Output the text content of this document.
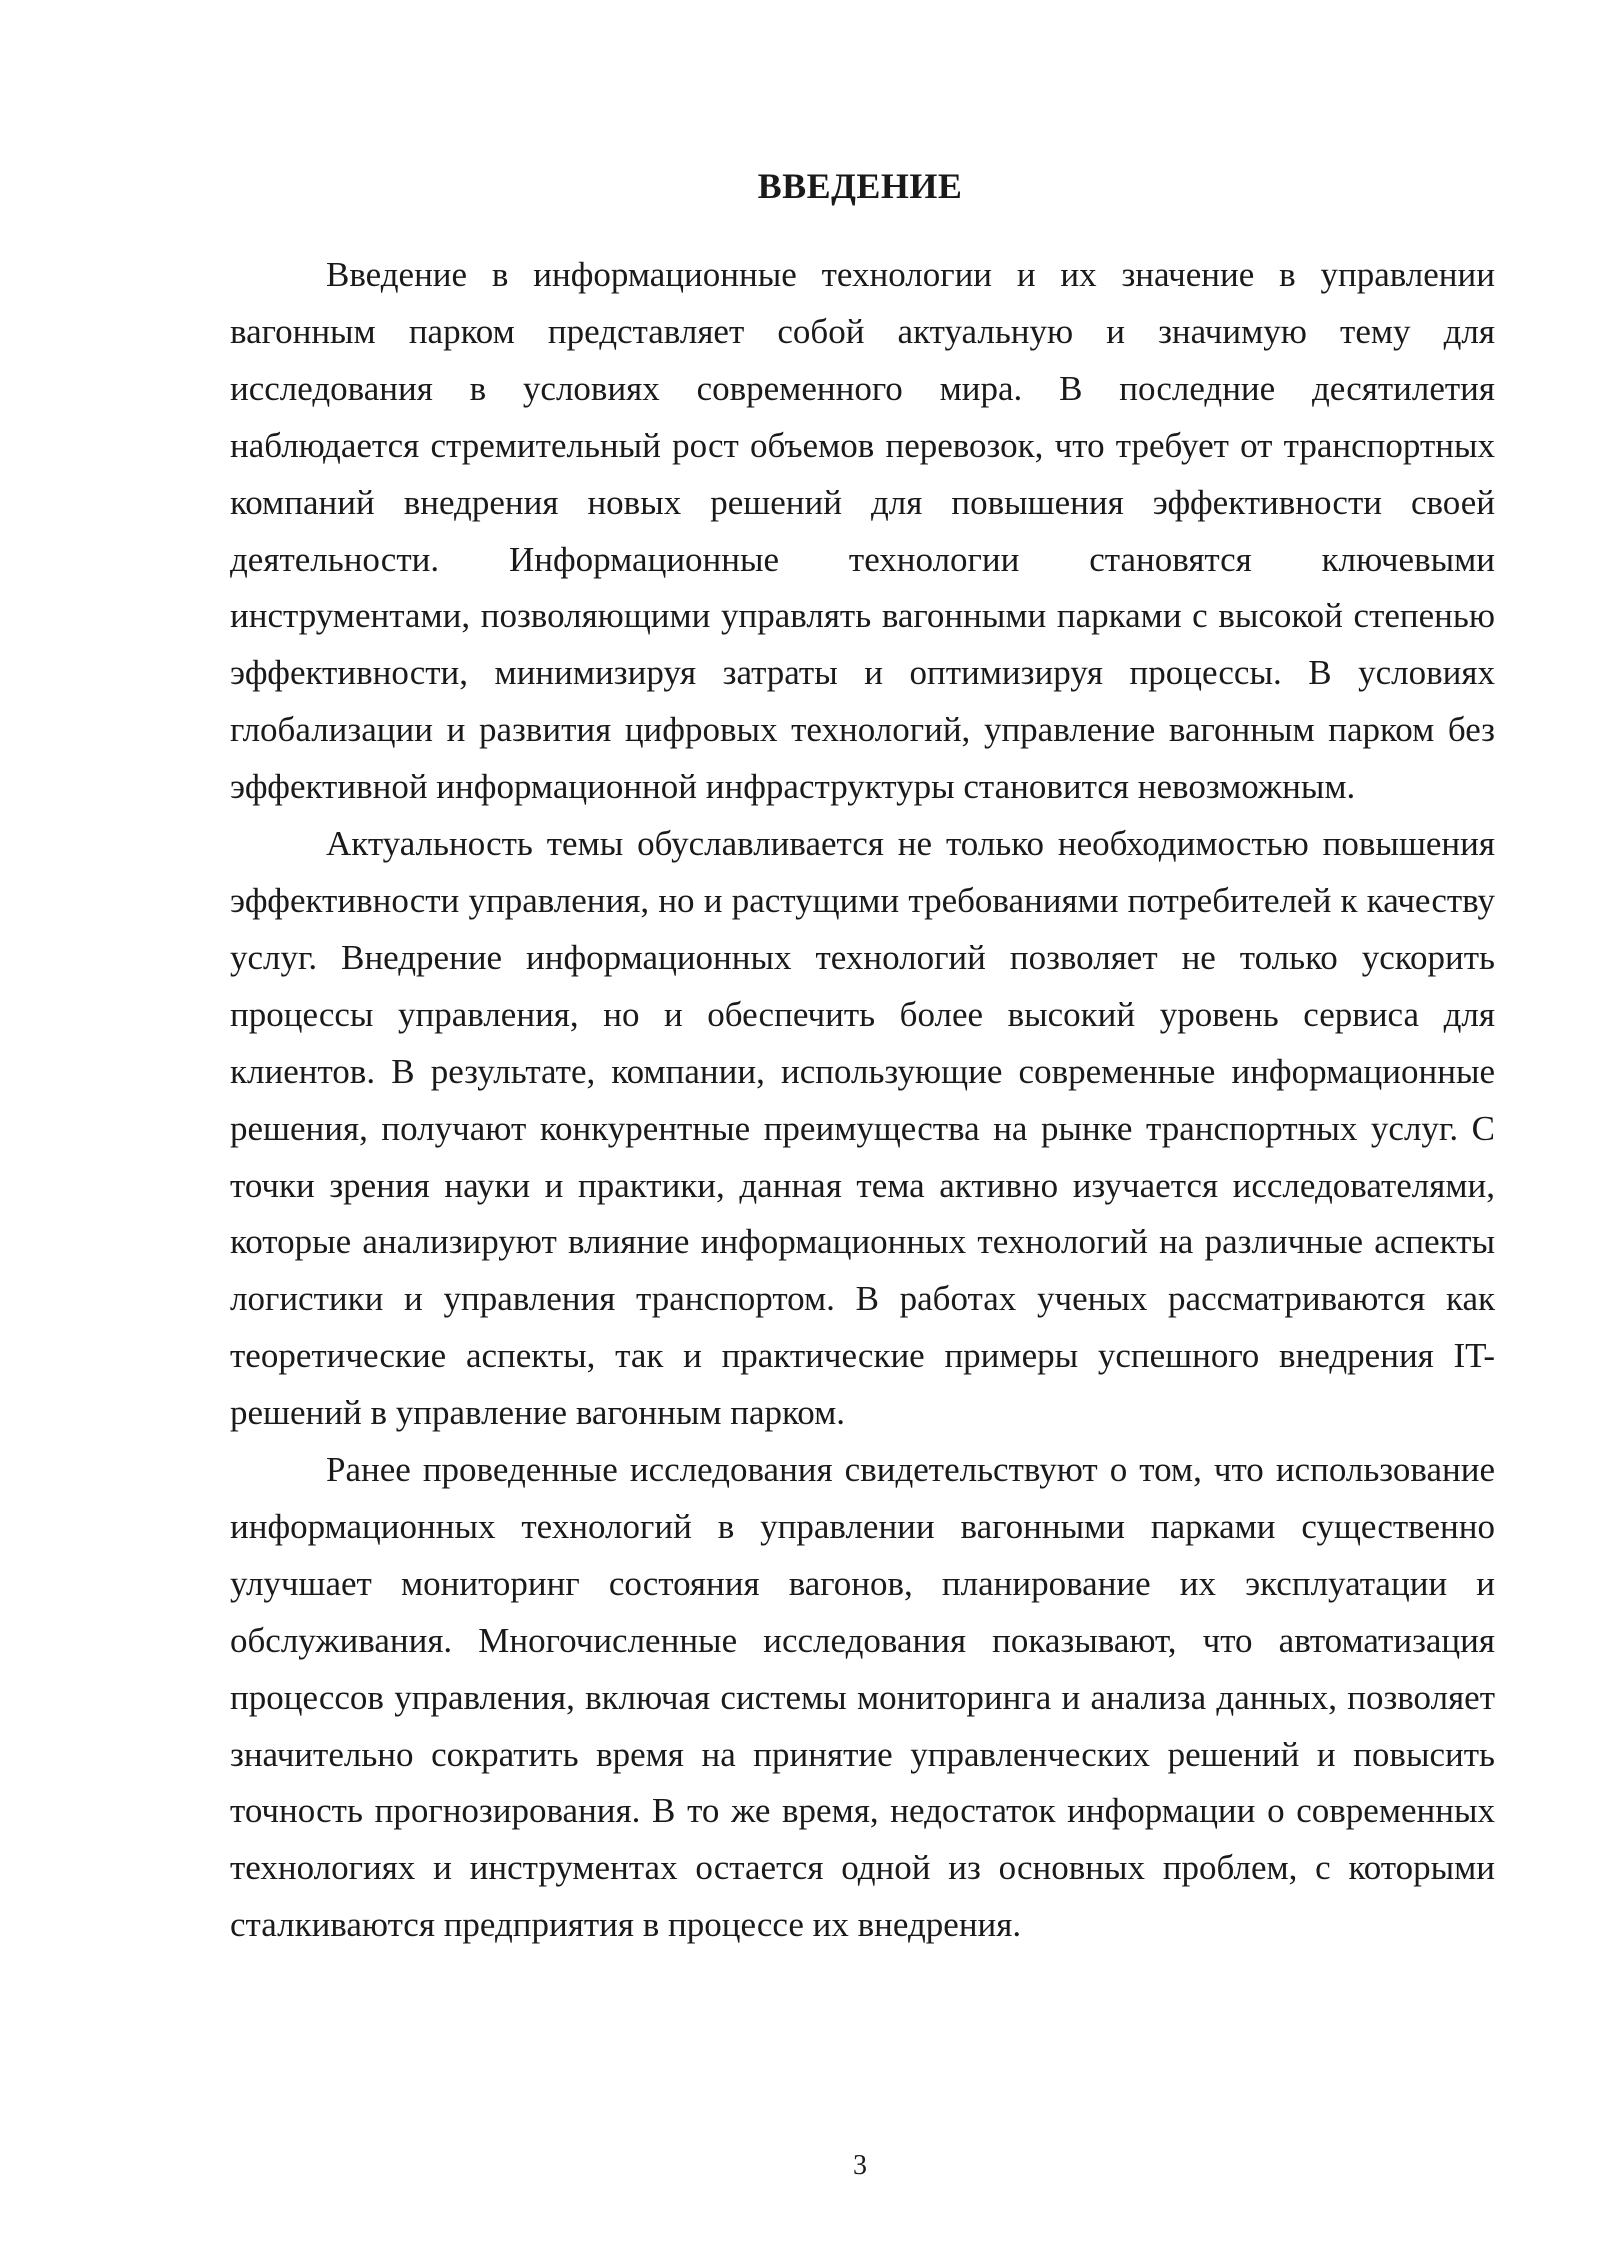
ВВЕДЕНИЕ

Введение в информационные технологии и их значение в управлении вагонным парком представляет собой актуальную и значимую тему для исследования в условиях современного мира. В последние десятилетия наблюдается стремительный рост объемов перевозок, что требует от транспортных компаний внедрения новых решений для повышения эффективности своей деятельности. Информационные технологии становятся ключевыми инструментами, позволяющими управлять вагонными парками с высокой степенью эффективности, минимизируя затраты и оптимизируя процессы. В условиях глобализации и развития цифровых технологий, управление вагонным парком без эффективной информационной инфраструктуры становится невозможным.

Актуальность темы обуславливается не только необходимостью повышения эффективности управления, но и растущими требованиями потребителей к качеству услуг. Внедрение информационных технологий позволяет не только ускорить процессы управления, но и обеспечить более высокий уровень сервиса для клиентов. В результате, компании, использующие современные информационные решения, получают конкурентные преимущества на рынке транспортных услуг. С точки зрения науки и практики, данная тема активно изучается исследователями, которые анализируют влияние информационных технологий на различные аспекты логистики и управления транспортом. В работах ученых рассматриваются как теоретические аспекты, так и практические примеры успешного внедрения IT-решений в управление вагонным парком.

Ранее проведенные исследования свидетельствуют о том, что использование информационных технологий в управлении вагонными парками существенно улучшает мониторинг состояния вагонов, планирование их эксплуатации и обслуживания. Многочисленные исследования показывают, что автоматизация процессов управления, включая системы мониторинга и анализа данных, позволяет значительно сократить время на принятие управленческих решений и повысить точность прогнозирования. В то же время, недостаток информации о современных технологиях и инструментах остается одной из основных проблем, с которыми сталкиваются предприятия в процессе их внедрения.

3
